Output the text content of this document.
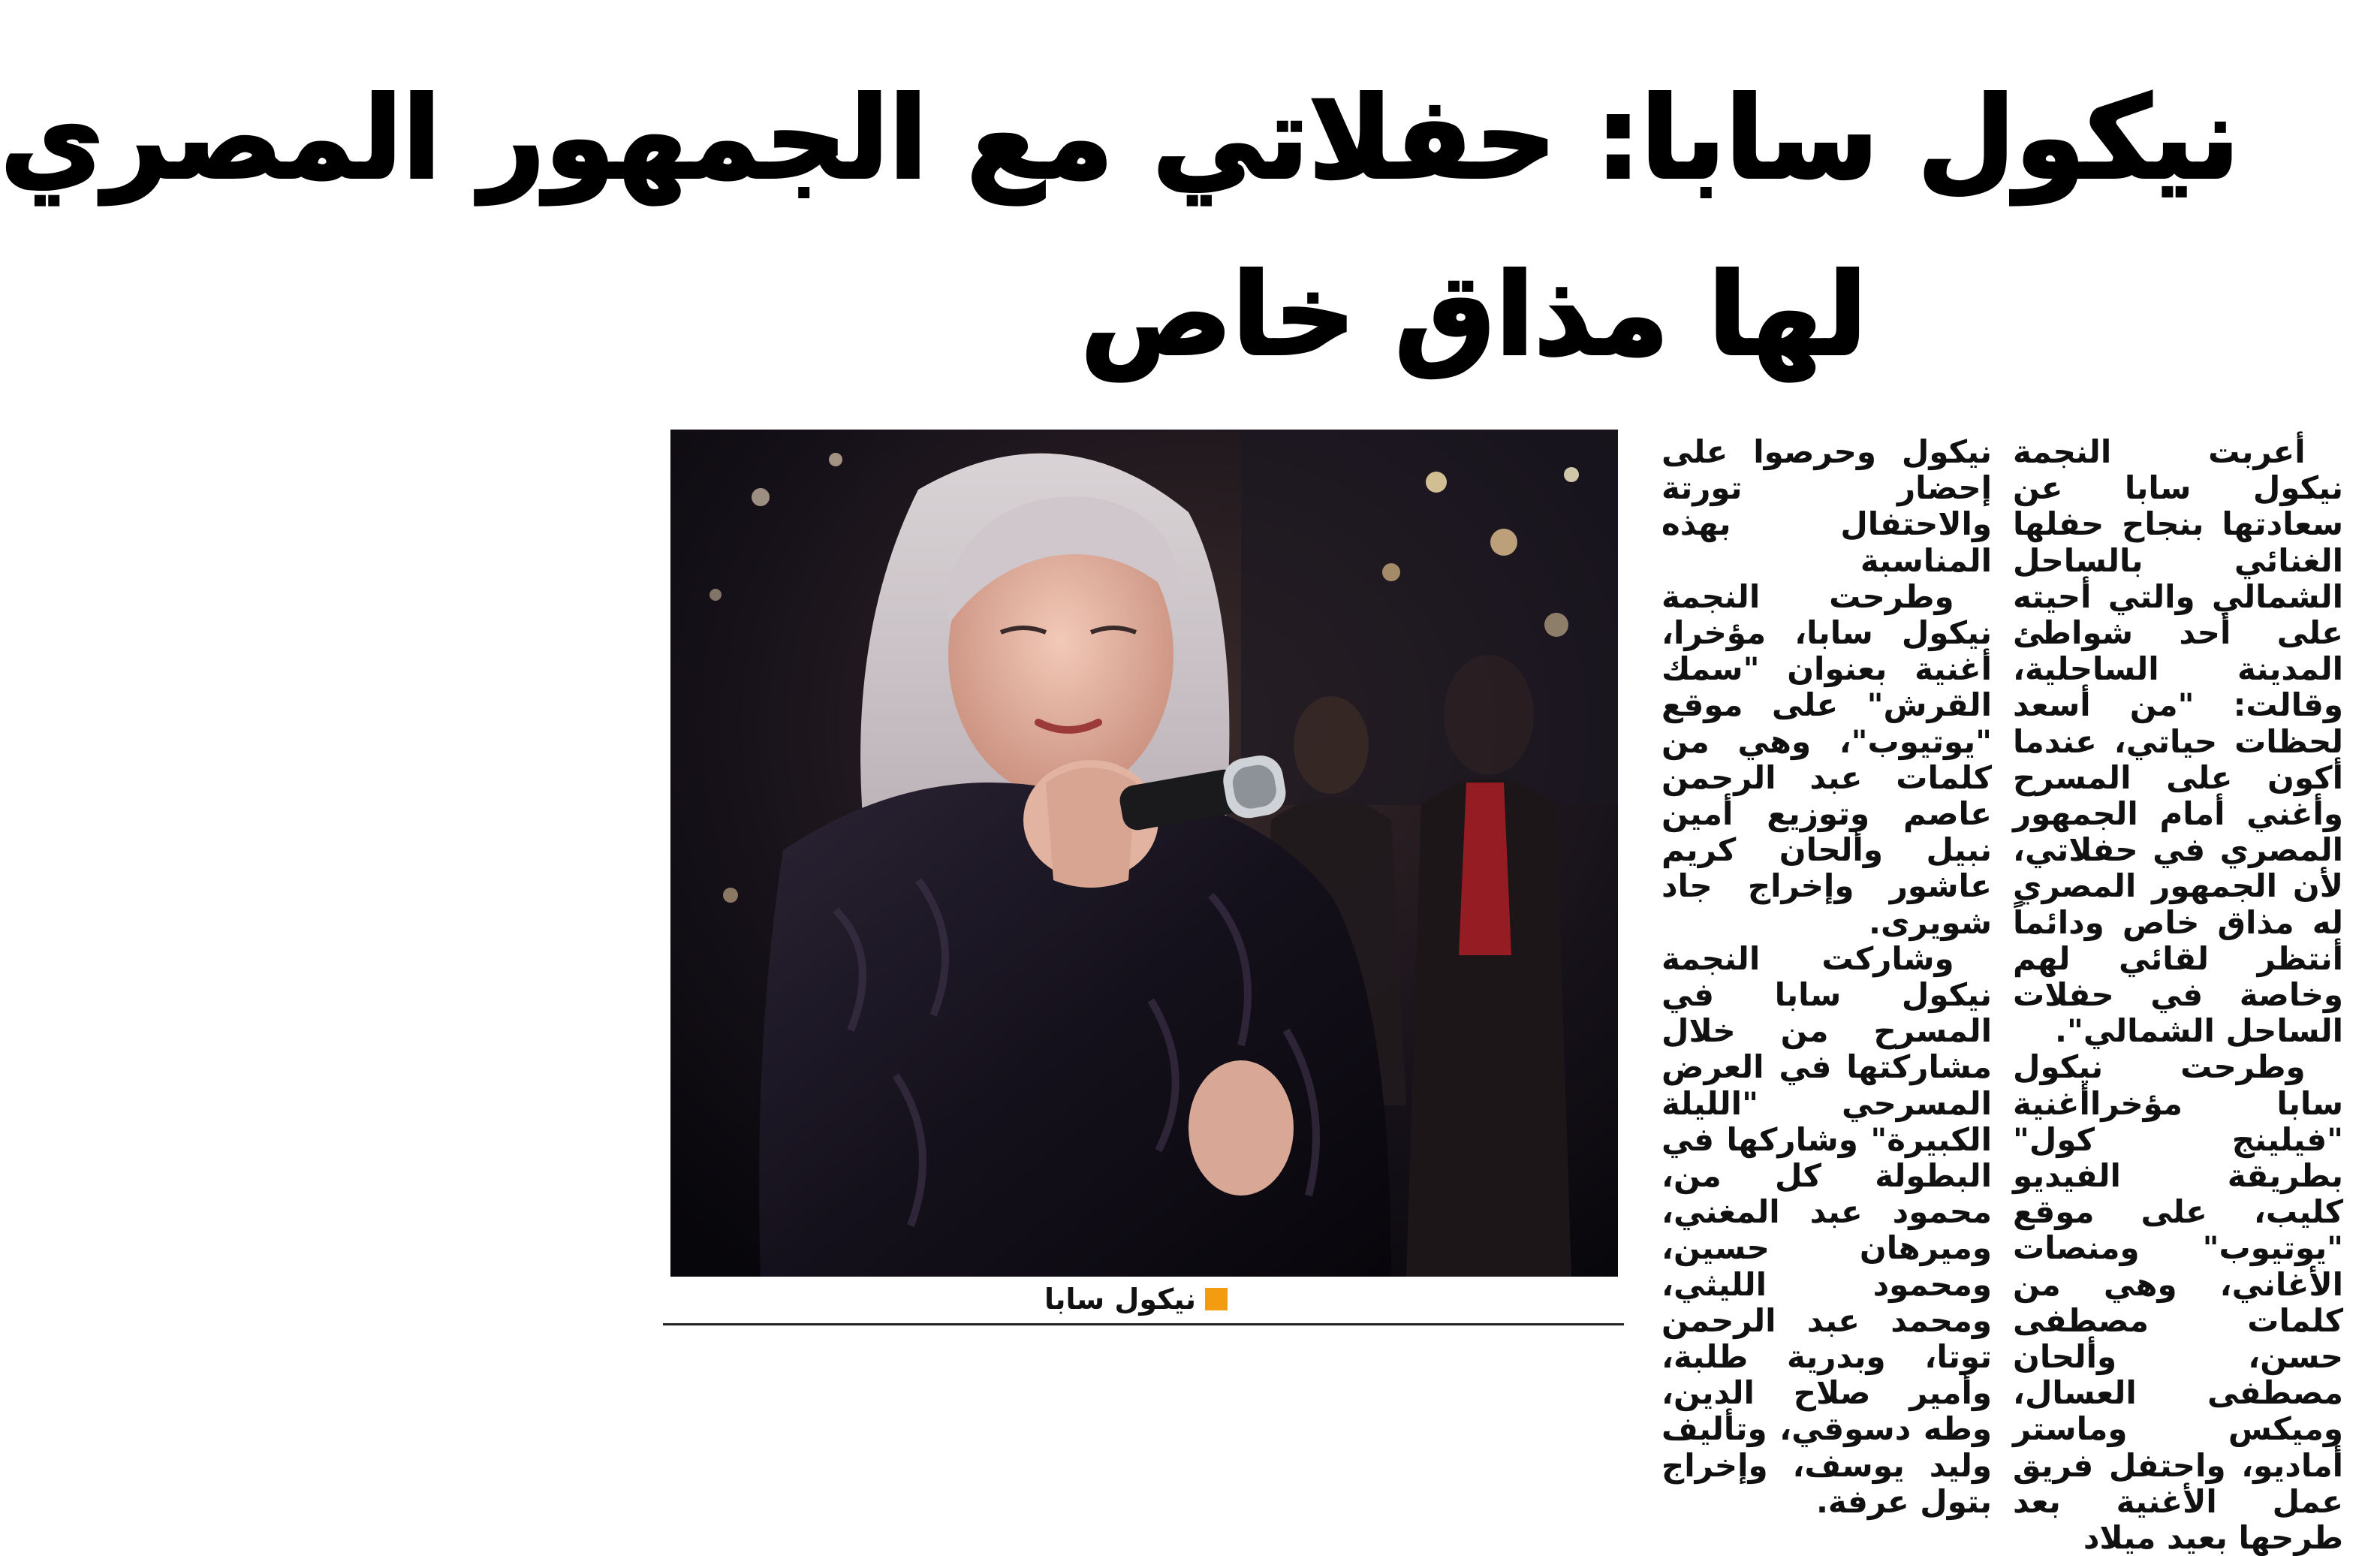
نيكول سابا: حفلاتي مع الجمهور المصري
لها مذاق خاص
نيكول سابا

أعربت النجمة نيكول سابا عن سعادتها بنجاح حفلها الغنائي بالساحل الشمالي والتي أحيته على أحد شواطئ المدينة الساحلية، وقالت: "من أسعد لحظات حياتي، عندما أكون على المسرح وأغني أمام الجمهور المصري في حفلاتي، لأن الجمهور المصري له مذاق خاص ودائماً أنتظر لقائي لهم وخاصة في حفلات الساحل الشمالي".

وطرحت نيكول سابا مؤخراأغنية "فيلينج كول" بطريقة الفيديو كليب، على موقع "يوتيوب" ومنصات الأغاني، وهي من كلمات مصطفى حسن، وألحان مصطفى العسال، وميكس وماستر أماديو، واحتفل فريق عمل الأغنية بعد طرحها بعيد ميلاد

نيكول وحرصوا على إحضار تورتة والاحتفال بهذه المناسبة

وطرحت النجمة نيكول سابا، مؤخرا، أغنية بعنوان "سمك القرش" على موقع "يوتيوب"، وهي من كلمات عبد الرحمن عاصم وتوزيع أمين نبيل وألحان كريم عاشور وإخراج جاد شويرى.

وشاركت النجمة نيكول سابا في المسرح من خلال مشاركتها في العرض المسرحي "الليلة الكبيرة" وشاركها في البطولة كل من، محمود عبد المغني، وميرهان حسين، ومحمود الليثي، ومحمد عبد الرحمن توتا، وبدرية طلبة، وأمير صلاح الدين، وطه دسوقي، وتأليف وليد يوسف، وإخراج بتول عرفة.
